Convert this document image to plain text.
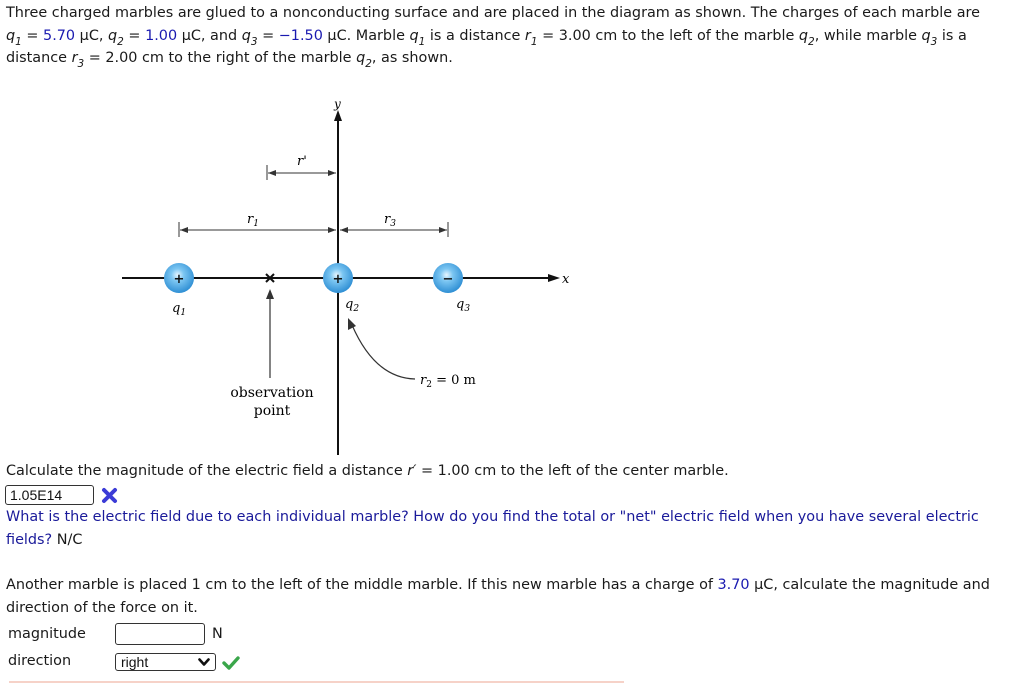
Three charged marbles are glued to a nonconducting surface and are placed in the diagram as shown. The charges of each marble are
$q_1 = 5.70$ μC, $q_2 = 1.00$ μC, and $q_3 = -1.50$ μC. Marble $q_1$ is a distance $r_1 = 3.00$ cm to the left of the marble $q_2$, while marble $q_3$ is a
distance $r_3 = 2.00$ cm to the right of the marble $q_2$, as shown.
y
x
r'
$r_1$	$r_3$
observation
point
+
$q_1$
+
$q_2$
−
$q_3$
$r_2 = 0$ m
Calculate the magnitude of the electric field a distance r′ = 1.00 cm to the left of the center marble.
1.05E14
What is the electric field due to each individual marble? How do you find the total or "net" electric field when you have several electric fields? N/C
Another marble is placed 1 cm to the left of the middle marble. If this new marble has a charge of 3.70 μC, calculate the magnitude and direction of the force on it.
magnitude	N
direction	right
